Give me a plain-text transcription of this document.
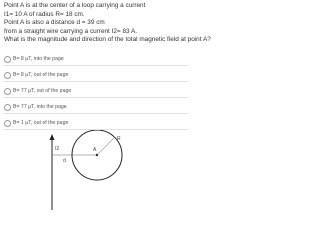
Point A is at the center of a loop carrying a current
I1= 10 A of radius R= 18 cm.
Point A is also a distance d = 39 cm
from a straight wire carrying a current I2= 83 A.
What is the magnitude and direction of the total magnetic field at point A?
B= 8 μT, into the page
B= 8 μT, out of the page
B= 77 μT, out of the page
B= 77 μT, into the page
B= 1 μT, out of the page
I2
d
A
R
